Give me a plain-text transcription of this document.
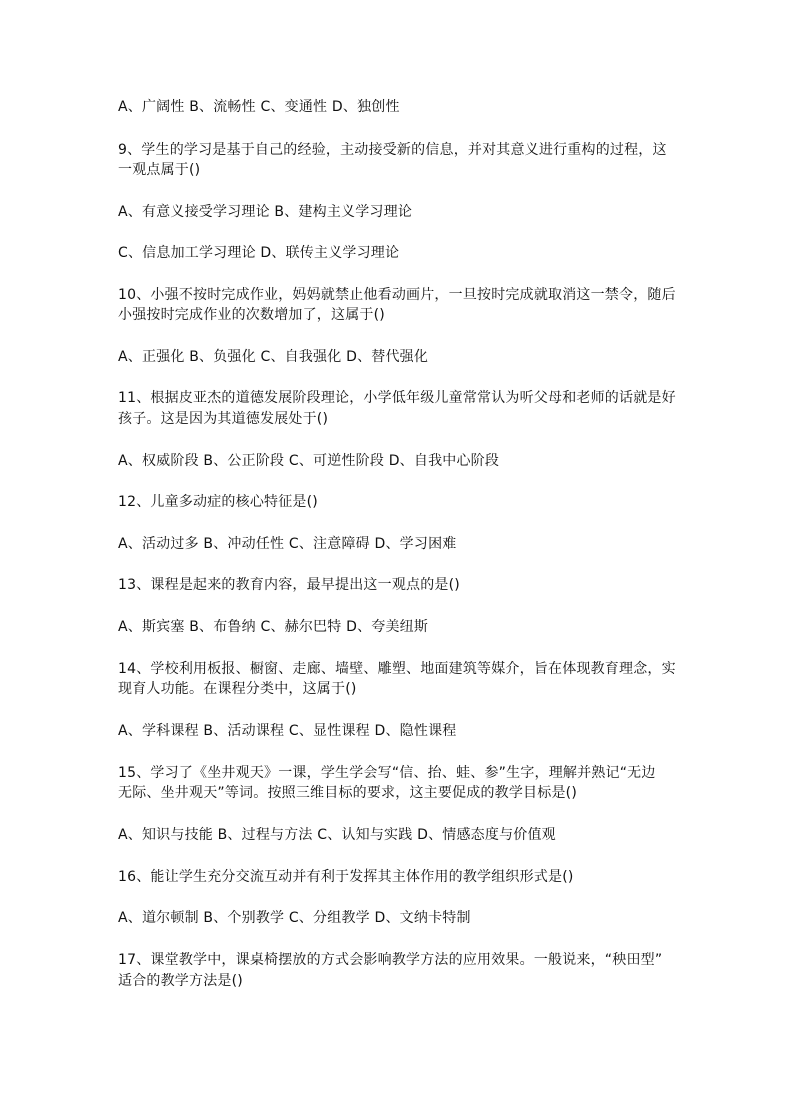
A、广阔性 B、流畅性 C、变通性 D、独创性
9、学生的学习是基于自己的经验，主动接受新的信息，并对其意义进行重构的过程，这
一观点属于()
A、有意义接受学习理论 B、建构主义学习理论
C、信息加工学习理论 D、联传主义学习理论
10、小强不按时完成作业，妈妈就禁止他看动画片，一旦按时完成就取消这一禁令，随后
小强按时完成作业的次数增加了，这属于()
A、正强化 B、负强化 C、自我强化 D、替代强化
11、根据皮亚杰的道德发展阶段理论，小学低年级儿童常常认为听父母和老师的话就是好
孩子。这是因为其道德发展处于()
A、权威阶段 B、公正阶段 C、可逆性阶段 D、自我中心阶段
12、儿童多动症的核心特征是()
A、活动过多 B、冲动任性 C、注意障碍 D、学习困难
13、课程是起来的教育内容，最早提出这一观点的是()
A、斯宾塞 B、布鲁纳 C、赫尔巴特 D、夸美纽斯
14、学校利用板报、橱窗、走廊、墙壁、雕塑、地面建筑等媒介，旨在体现教育理念，实
现育人功能。在课程分类中，这属于()
A、学科课程 B、活动课程 C、显性课程 D、隐性课程
15、学习了《坐井观天》一课，学生学会写“信、抬、蛙、参”生字，理解并熟记“无边
无际、坐井观天”等词。按照三维目标的要求，这主要促成的教学目标是()
A、知识与技能 B、过程与方法 C、认知与实践 D、情感态度与价值观
16、能让学生充分交流互动并有利于发挥其主体作用的教学组织形式是()
A、道尔顿制 B、个别教学 C、分组教学 D、文纳卡特制
17、课堂教学中，课桌椅摆放的方式会影响教学方法的应用效果。一般说来，“秧田型”
适合的教学方法是()
